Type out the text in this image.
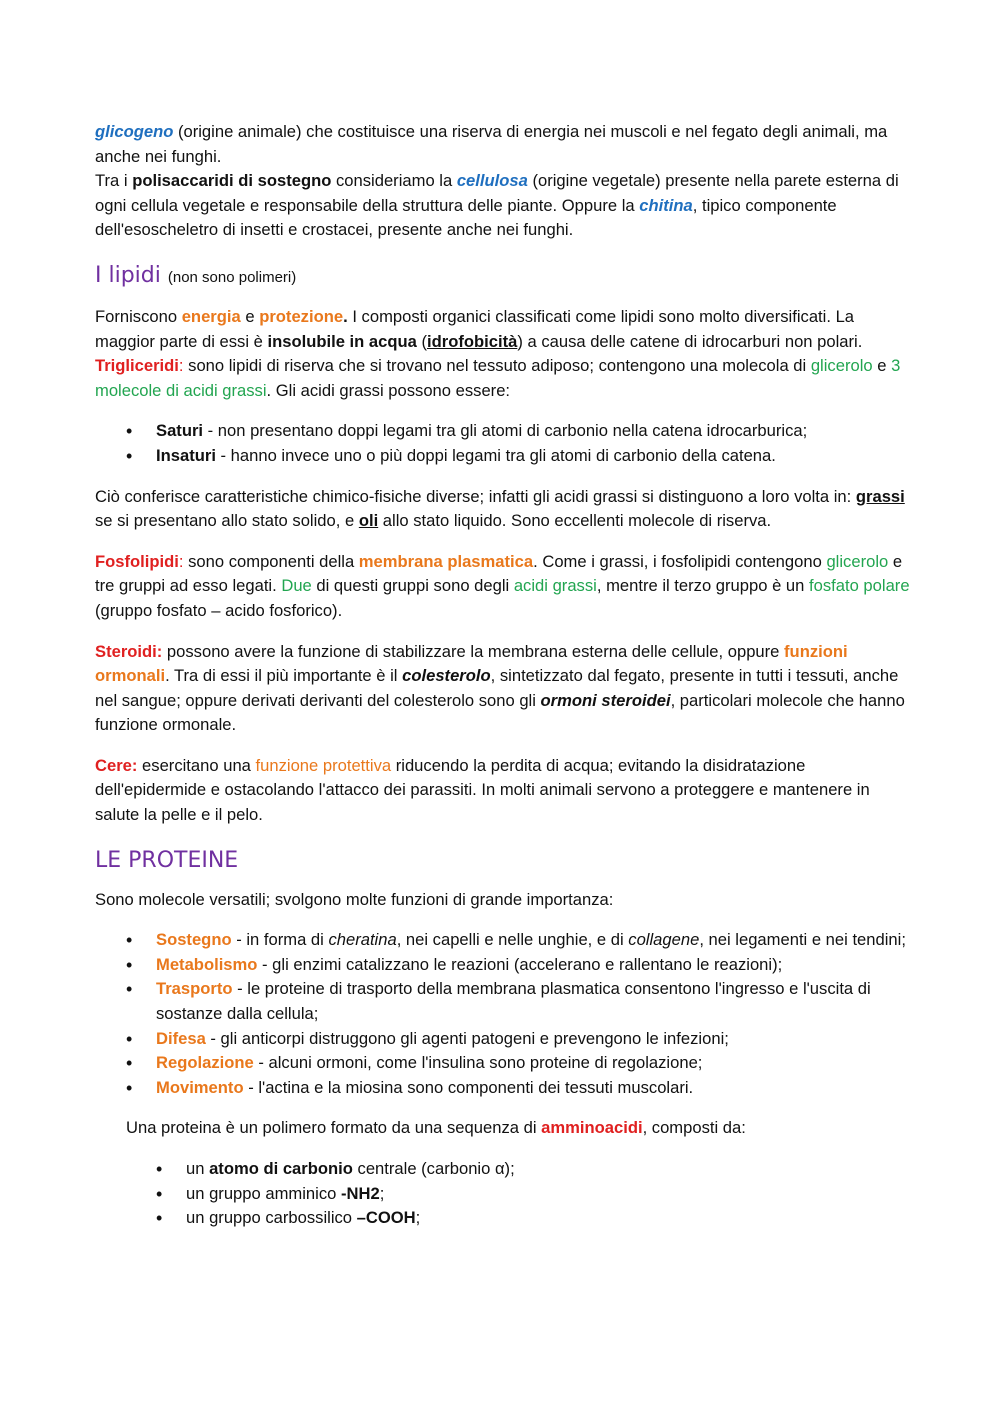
glicogeno (origine animale) che costituisce una riserva di energia nei muscoli e nel fegato degli animali, ma anche nei funghi.

Tra i polisaccaridi di sostegno consideriamo la cellulosa (origine vegetale) presente nella parete esterna di ogni cellula vegetale e responsabile della struttura delle piante. Oppure la chitina, tipico componente dell'esoscheletro di insetti e crostacei, presente anche nei funghi.

I lipidi (non sono polimeri)

Forniscono energia e protezione. I composti organici classificati come lipidi sono molto diversificati. La maggior parte di essi è insolubile in acqua (idrofobicità) a causa delle catene di idrocarburi non polari.

Trigliceridi: sono lipidi di riserva che si trovano nel tessuto adiposo; contengono una molecola di glicerolo e 3 molecole di acidi grassi. Gli acidi grassi possono essere:

• Saturi - non presentano doppi legami tra gli atomi di carbonio nella catena idrocarburica;
• Insaturi - hanno invece uno o più doppi legami tra gli atomi di carbonio della catena.

Ciò conferisce caratteristiche chimico-fisiche diverse; infatti gli acidi grassi si distinguono a loro volta in: grassi se si presentano allo stato solido, e oli allo stato liquido. Sono eccellenti molecole di riserva.

Fosfolipidi: sono componenti della membrana plasmatica. Come i grassi, i fosfolipidi contengono glicerolo e tre gruppi ad esso legati. Due di questi gruppi sono degli acidi grassi, mentre il terzo gruppo è un fosfato polare (gruppo fosfato – acido fosforico).

Steroidi: possono avere la funzione di stabilizzare la membrana esterna delle cellule, oppure funzioni ormonali. Tra di essi il più importante è il colesterolo, sintetizzato dal fegato, presente in tutti i tessuti, anche nel sangue; oppure derivati derivanti del colesterolo sono gli ormoni steroidei, particolari molecole che hanno funzione ormonale.

Cere: esercitano una funzione protettiva riducendo la perdita di acqua; evitando la disidratazione dell'epidermide e ostacolando l'attacco dei parassiti. In molti animali servono a proteggere e mantenere in salute la pelle e il pelo.

LE PROTEINE

Sono molecole versatili; svolgono molte funzioni di grande importanza:

• Sostegno - in forma di cheratina, nei capelli e nelle unghie, e di collagene, nei legamenti e nei tendini;
• Metabolismo - gli enzimi catalizzano le reazioni (accelerano e rallentano le reazioni);
• Trasporto - le proteine di trasporto della membrana plasmatica consentono l'ingresso e l'uscita di sostanze dalla cellula;
• Difesa - gli anticorpi distruggono gli agenti patogeni e prevengono le infezioni;
• Regolazione - alcuni ormoni, come l'insulina sono proteine di regolazione;
• Movimento - l'actina e la miosina sono componenti dei tessuti muscolari.

Una proteina è un polimero formato da una sequenza di amminoacidi, composti da:

• un atomo di carbonio centrale (carbonio α);
• un gruppo amminico -NH2;
• un gruppo carbossilico –COOH;
